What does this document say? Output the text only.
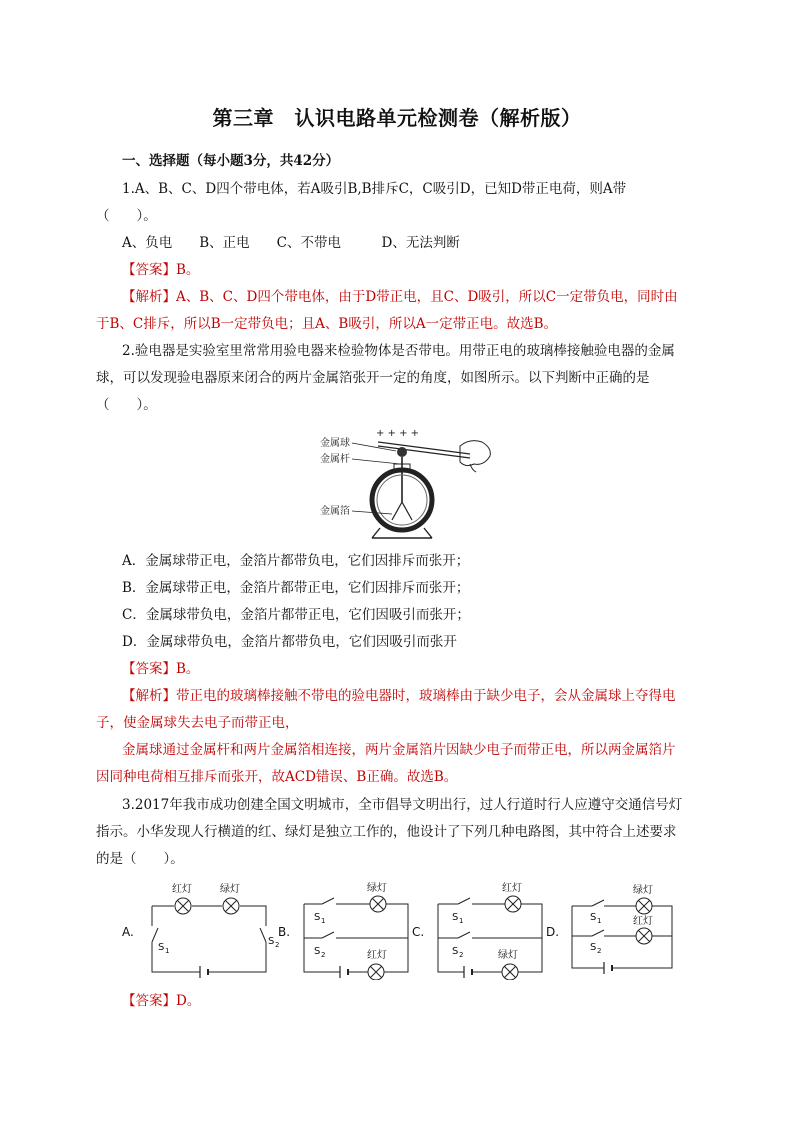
第三章　认识电路单元检测卷（解析版）
一、选择题（每小题3分，共42分）
1.A、B、C、D四个带电体，若A吸引B,B排斥C，C吸引D，已知D带正电荷，则A带
（　　）。
A、负电　　B、正电　　C、不带电　　　D、无法判断
【答案】B。
【解析】A、B、C、D四个带电体，由于D带正电，且C、D吸引，所以C一定带负电，同时由
于B、C排斥，所以B一定带负电；且A、B吸引，所以A一定带正电。故选B。
2.验电器是实验室里常常用验电器来检验物体是否带电。用带正电的玻璃棒接触验电器的金属
球，可以发现验电器原来闭合的两片金属箔张开一定的角度，如图所示。以下判断中正确的是
（　　）。
+ + + +
金属球
金属杆
金属箔
A．金属球带正电，金箔片都带负电，它们因排斥而张开；
B．金属球带正电，金箔片都带正电，它们因排斥而张开；
C．金属球带负电，金箔片都带正电，它们因吸引而张开；
D．金属球带负电，金箔片都带负电，它们因吸引而张开
【答案】B。
【解析】带正电的玻璃棒接触不带电的验电器时，玻璃棒由于缺少电子，会从金属球上夺得电
子，使金属球失去电子而带正电，
金属球通过金属杆和两片金属箔相连接，两片金属箔片因缺少电子而带正电，所以两金属箔片
因同种电荷相互排斥而张开，故ACD错误、B正确。故选B。
3.2017年我市成功创建全国文明城市，全市倡导文明出行，过人行道时行人应遵守交通信号灯
指示。小华发现人行横道的红、绿灯是独立工作的，他设计了下列几种电路图，其中符合上述要求
的是（　　）。
A.
红灯	绿灯
S 1
S 2
B.
S 1
S 2
绿灯
红灯
C.
S 1
S 2
红灯
绿灯
D.
S 1
S 2
绿灯
红灯
【答案】D。
